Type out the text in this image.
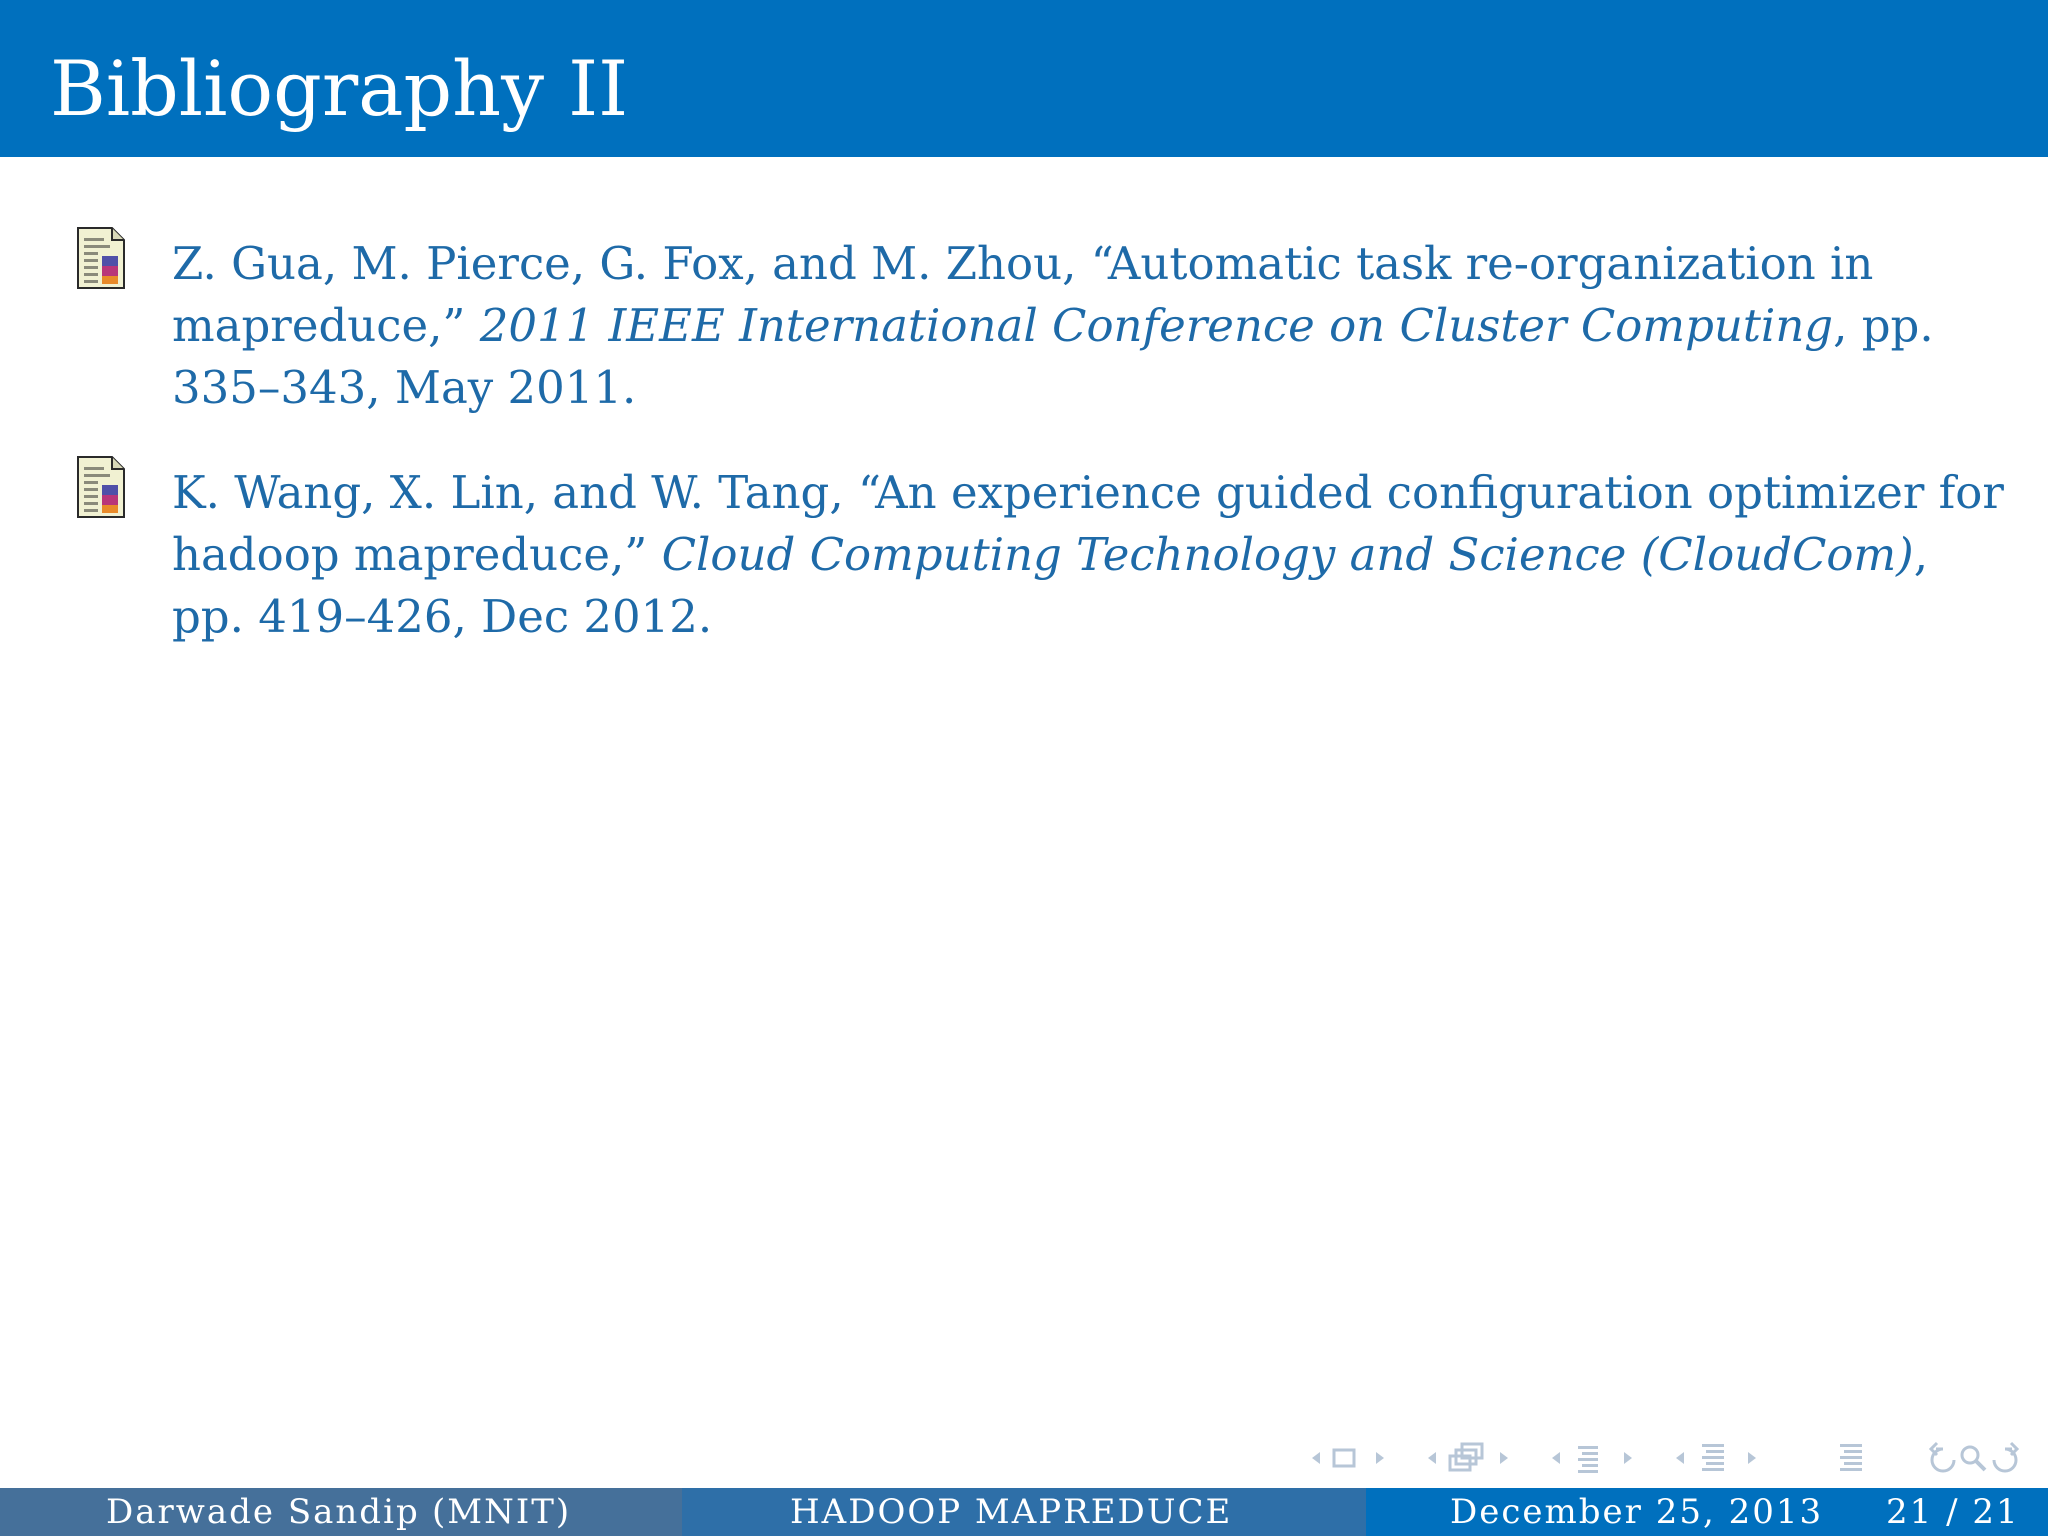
Bibliography II
Z. Gua, M. Pierce, G. Fox, and M. Zhou, “Automatic task re-organization in mapreduce,” 2011 IEEE International Conference on Cluster Computing, pp. 335–343, May 2011.
K. Wang, X. Lin, and W. Tang, “An experience guided configuration optimizer for hadoop mapreduce,” Cloud Computing Technology and Science (CloudCom), pp. 419–426, Dec 2012.
Darwade Sandip (MNIT)	HADOOP MAPREDUCE	December 25, 2013 21 / 21
